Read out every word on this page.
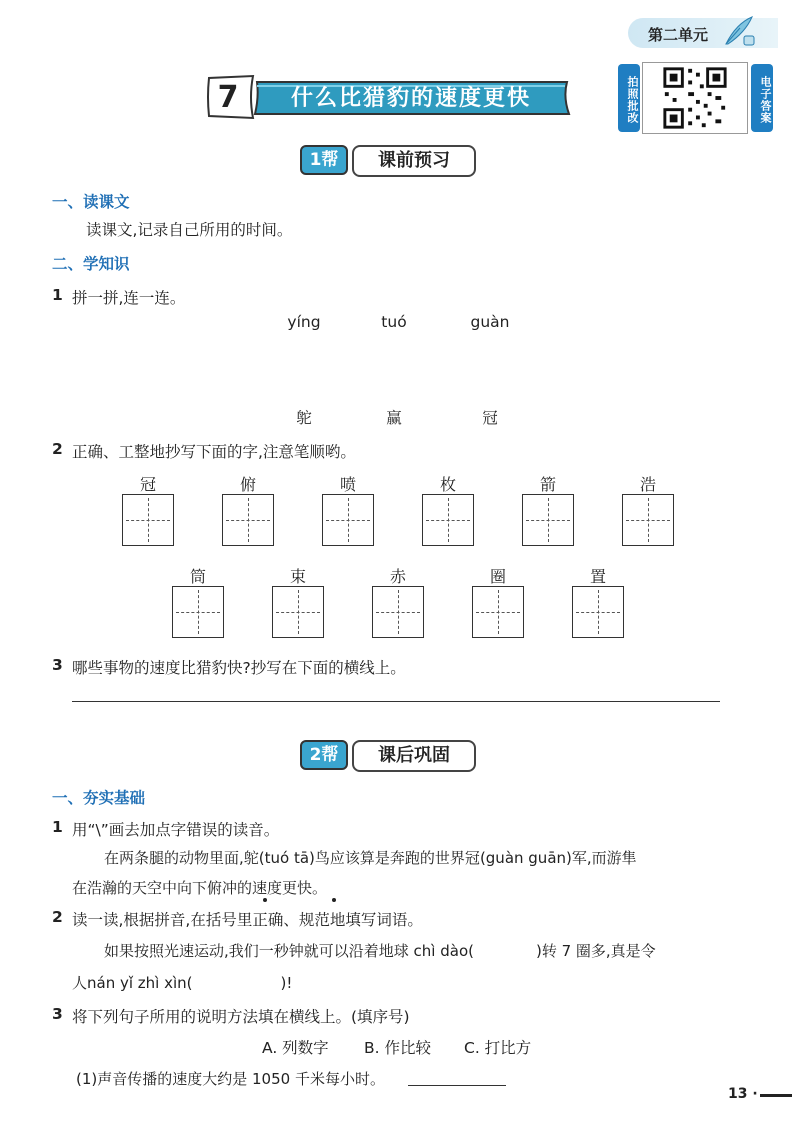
第二单元
7	什么比猎豹的速度更快	拍照批改	电子答案
1帮	课前预习
一、读课文
读课文,记录自己所用的时间。
二、学知识
1 拼一拼,连一连。
yíng	tuó	guàn
鸵	赢	冠
2 正确、工整地抄写下面的字,注意笔顺哟。
冠	俯	喷	枚	箭	浩
筒	束	赤	圈	置
3 哪些事物的速度比猎豹快?抄写在下面的横线上。
2帮	课后巩固
一、夯实基础
1 用“\”画去加点字错误的读音。
在两条腿的动物里面,鸵(tuó tā)鸟应该算是奔跑的世界冠(guàn guān)军,而游隼
在浩瀚的天空中向下俯冲的速度更快。
2 读一读,根据拼音,在括号里正确、规范地填写词语。
如果按照光速运动,我们一秒钟就可以沿着地球 chì dào(	)转 7 圈多,真是令
人nán yǐ zhì xìn(	)!
3 将下列句子所用的说明方法填在横线上。(填序号)
A. 列数字 B. 作比较 C. 打比方
(1)声音传播的速度大约是 1050 千米每小时。
13 ·
